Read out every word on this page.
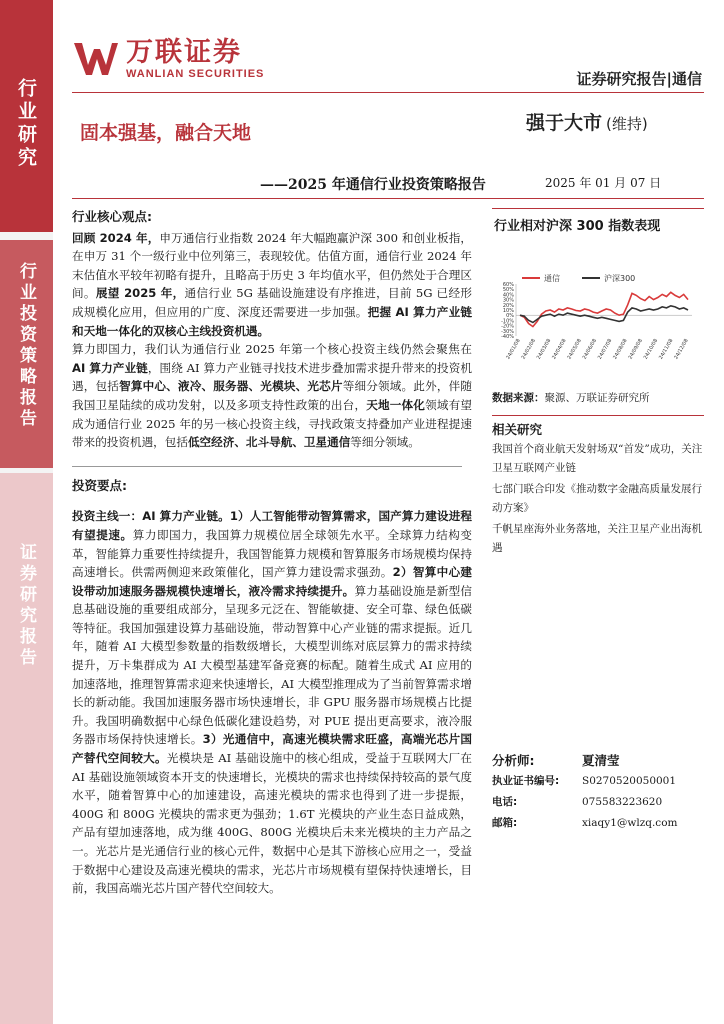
行业研究
行业投资策略报告
证券研究报告
万联证券
WANLIAN SECURITIES	证券研究报告|通信
固本强基，融合天地	强于大市 (维持)
——2025 年通信行业投资策略报告	2025 年 01 月 07 日
行业核心观点:

回顾 2024 年，申万通信行业指数 2024 年大幅跑赢沪深 300 和创业板指，在申万 31 个一级行业中位列第三，表现较优。估值方面，通信行业 2024 年末估值水平较年初略有提升，且略高于历史 3 年均值水平，但仍然处于合理区间。展望 2025 年，通信行业 5G 基础设施建设有序推进，目前 5G 已经形成规模化应用，但应用的广度、深度还需要进一步加强。把握 AI 算力产业链和天地一体化的双核心主线投资机遇。

算力即国力，我们认为通信行业 2025 年第一个核心投资主线仍然会聚焦在 AI 算力产业链，围绕 AI 算力产业链寻找技术进步叠加需求提升带来的投资机遇，包括智算中心、液冷、服务器、光模块、光芯片等细分领域。此外，伴随我国卫星陆续的成功发射，以及多项支持性政策的出台，天地一体化领域有望成为通信行业 2025 年的另一核心投资主线，寻找政策支持叠加产业进程提速带来的投资机遇，包括低空经济、北斗导航、卫星通信等细分领域。

投资要点:

投资主线一：AI 算力产业链。1）人工智能带动智算需求，国产算力建设进程有望提速。算力即国力，我国算力规模位居全球领先水平。全球算力结构变革，智能算力重要性持续提升，我国智能算力规模和智算服务市场规模均保持高速增长。供需两侧迎来政策催化，国产算力建设需求强劲。2）智算中心建设带动加速服务器规模快速增长，液冷需求持续提升。算力基础设施是新型信息基础设施的重要组成部分，呈现多元泛在、智能敏捷、安全可靠、绿色低碳等特征。我国加强建设算力基础设施，带动智算中心产业链的需求提振。近几年，随着 AI 大模型参数量的指数级增长，大模型训练对底层算力的需求持续提升，万卡集群成为 AI 大模型基建军备竞赛的标配。随着生成式 AI 应用的加速落地，推理智算需求迎来快速增长，AI 大模型推理成为了当前智算需求增长的新动能。我国加速服务器市场快速增长，非 GPU 服务器市场规模占比提升。我国明确数据中心绿色低碳化建设趋势，对 PUE 提出更高要求，液冷服务器市场保持快速增长。3）光通信中，高速光模块需求旺盛，高端光芯片国产替代空间较大。光模块是 AI 基础设施中的核心组成，受益于互联网大厂在 AI 基础设施领域资本开支的快速增长，光模块的需求也持续保持较高的景气度水平，随着智算中心的加速建设，高速光模块的需求也得到了进一步提振，400G 和 800G 光模块的需求更为强劲；1.6T 光模块的产业生态日益成熟，产品有望加速落地，成为继 400G、800G 光模块后未来光模块的主力产品之一。光芯片是光通信行业的核心元件，数据中心是其下游核心应用之一，受益于数据中心建设及高速光模块的需求，光芯片市场规模有望保持快速增长，目前，我国高端光芯片国产替代空间较大。

行业相对沪深 300 指数表现
通信	沪深300
60%
50%
40%
30%
20%
10%
0%
-10%
-20%
-30%
-40%
24/01/08
24/02/08
24/03/08
24/04/08
24/05/08
24/06/08
24/07/08
24/08/08
24/09/08
24/10/08
24/11/08
24/12/08
数据来源：聚源、万联证券研究所
相关研究
我国首个商业航天发射场双“首发”成功，关注卫星互联网产业链
七部门联合印发《推动数字金融高质量发展行动方案》
千帆星座海外业务落地，关注卫星产业出海机遇
分析师:	夏清莹
执业证书编号:	S0270520050001
电话:	075583223620
邮箱:	xiaqy1@wlzq.com
